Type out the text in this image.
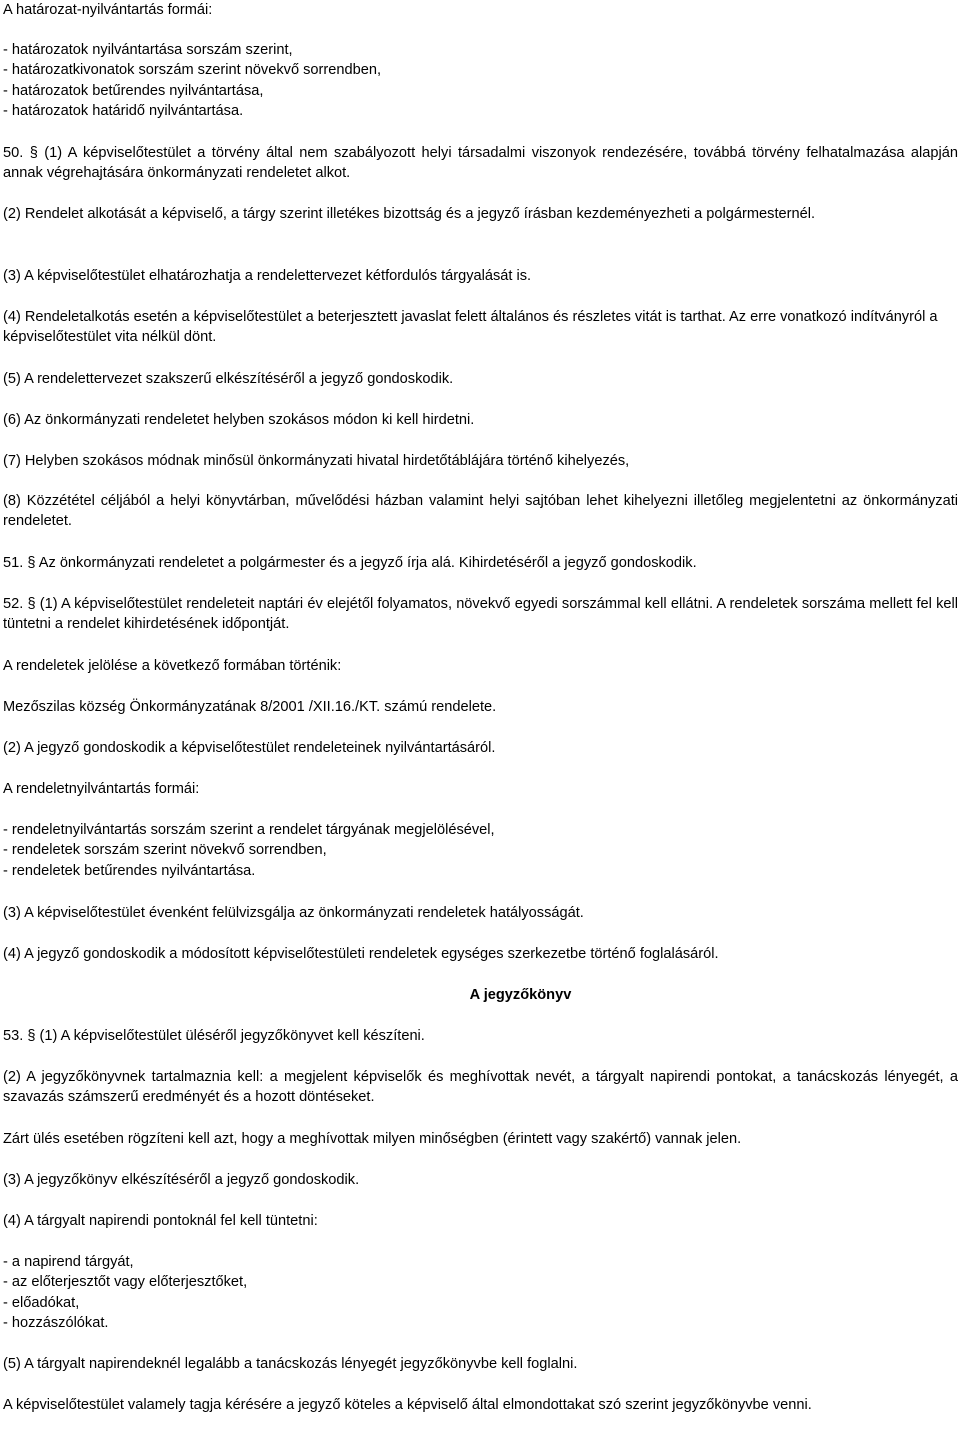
A határozat-nyilvántartás formái:

- határozatok nyilvántartása sorszám szerint,
- határozatkivonatok sorszám szerint növekvő sorrendben,
- határozatok betűrendes nyilvántartása,
- határozatok határidő nyilvántartása.

50. § (1) A képviselőtestület a törvény által nem szabályozott helyi társadalmi viszonyok rendezésére, továbbá törvény felhatalmazása alapján annak végrehajtására önkormányzati rendeletet alkot.

(2) Rendelet alkotását a képviselő, a tárgy szerint illetékes bizottság és a jegyző írásban kezdeményezheti a polgármesternél.

(3) A képviselőtestület elhatározhatja a rendelettervezet kétfordulós tárgyalását is.

(4) Rendeletalkotás esetén a képviselőtestület a beterjesztett javaslat felett általános és részletes vitát is tarthat. Az erre vonatkozó indítványról a képviselőtestület vita nélkül dönt.

(5) A rendelettervezet szakszerű elkészítéséről a jegyző gondoskodik.

(6) Az önkormányzati rendeletet helyben szokásos módon ki kell hirdetni.

(7) Helyben szokásos módnak minősül önkormányzati hivatal hirdetőtáblájára történő kihelyezés,

(8) Közzététel céljából a helyi könyvtárban, művelődési házban valamint helyi sajtóban lehet kihelyezni illetőleg megjelentetni az önkormányzati rendeletet.

51. § Az önkormányzati rendeletet a polgármester és a jegyző írja alá. Kihirdetéséről a jegyző gondoskodik.

52. § (1) A képviselőtestület rendeleteit naptári év elejétől folyamatos, növekvő egyedi sorszámmal kell ellátni. A rendeletek sorszáma mellett fel kell tüntetni a rendelet kihirdetésének időpontját.

A rendeletek jelölése a következő formában történik:

Mezőszilas község Önkormányzatának 8/2001 /XII.16./KT. számú rendelete.

(2) A jegyző gondoskodik a képviselőtestület rendeleteinek nyilvántartásáról.

A rendeletnyilvántartás formái:

- rendeletnyilvántartás sorszám szerint a rendelet tárgyának megjelölésével,
- rendeletek sorszám szerint növekvő sorrendben,
- rendeletek betűrendes nyilvántartása.

(3) A képviselőtestület évenként felülvizsgálja az önkormányzati rendeletek hatályosságát.

(4) A jegyző gondoskodik a módosított képviselőtestületi rendeletek egységes szerkezetbe történő foglalásáról.

A jegyzőkönyv

53. § (1) A képviselőtestület üléséről jegyzőkönyvet kell készíteni.

(2) A jegyzőkönyvnek tartalmaznia kell: a megjelent képviselők és meghívottak nevét, a tárgyalt napirendi pontokat, a tanácskozás lényegét, a szavazás számszerű eredményét és a hozott döntéseket.

Zárt ülés esetében rögzíteni kell azt, hogy a meghívottak milyen minőségben (érintett vagy szakértő) vannak jelen.

(3) A jegyzőkönyv elkészítéséről a jegyző gondoskodik.

(4) A tárgyalt napirendi pontoknál fel kell tüntetni:

- a napirend tárgyát,
- az előterjesztőt vagy előterjesztőket,
- előadókat,
- hozzászólókat.

(5) A tárgyalt napirendeknél legalább a tanácskozás lényegét jegyzőkönyvbe kell foglalni.

A képviselőtestület valamely tagja kérésére a jegyző köteles a képviselő által elmondottakat szó szerint jegyzőkönyvbe venni.
